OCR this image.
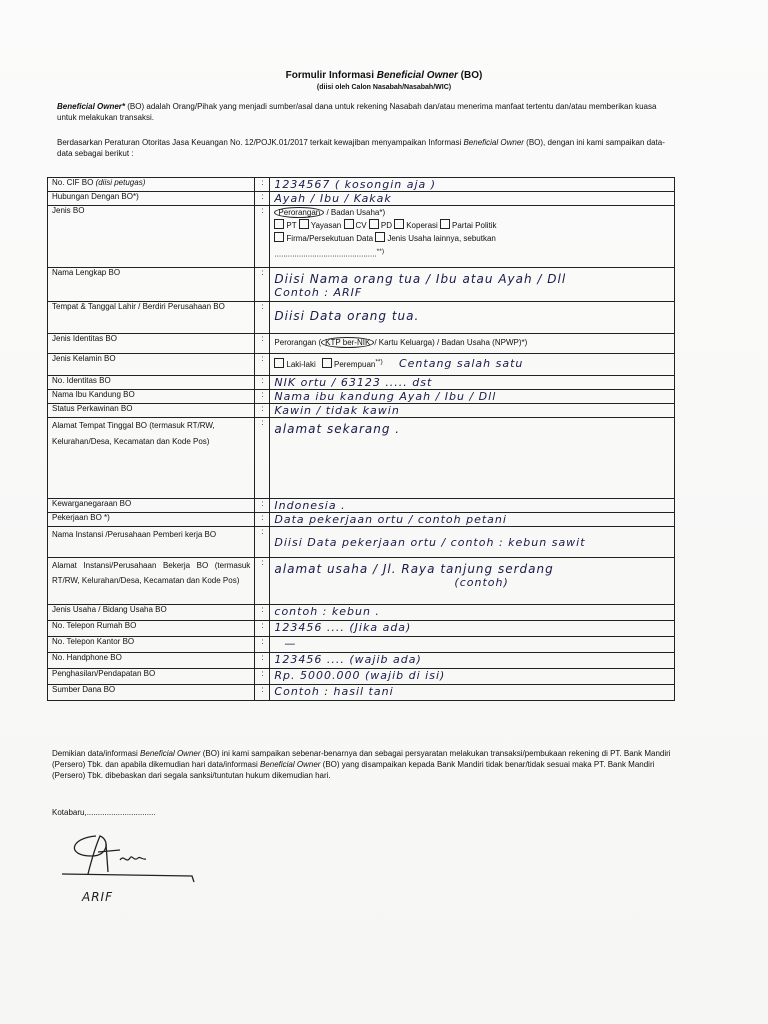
Formulir Informasi Beneficial Owner (BO)
(diisi oleh Calon Nasabah/Nasabah/WIC)
Beneficial Owner* (BO) adalah Orang/Pihak yang menjadi sumber/asal dana untuk rekening Nasabah dan/atau menerima manfaat tertentu dan/atau memberikan kuasa untuk melakukan transaksi.
Berdasarkan Peraturan Otoritas Jasa Keuangan No. 12/POJK.01/2017 terkait kewajiban menyampaikan Informasi Beneficial Owner (BO), dengan ini kami sampaikan data-data sebagai berikut :
No. CIF BO (diisi petugas)	:	1234567 ( kosongin aja )

Hubungan Dengan BO*)	:	Ayah / Ibu / Kakak

Jenis BO	:	Perorangan / Badan Usaha*)
PT Yayasan CV PD Koperasi Partai Politik
Firma/Persekutuan Data Jenis Usaha lainnya, sebutkan
..............................................**)

Nama Lengkap BO	:	Diisi Nama orang tua / Ibu atau Ayah / Dll
Contoh : ARIF

Tempat & Tanggal Lahir / Berdiri Perusahaan BO	:	Diisi Data orang tua.

Jenis Identitas BO	:	Perorangan ( KTP ber-NIK / Kartu Keluarga) / Badan Usaha (NPWP)*)
Jenis Kelamin BO	:	Laki-laki Perempuan**) Centang salah satu
No. Identitas BO	:	NIK ortu / 63123 ..... dst

Nama Ibu Kandung BO	:	Nama ibu kandung Ayah / Ibu / Dll

Status Perkawinan BO	:	Kawin / tidak kawin

Alamat Tempat Tinggal BO (termasuk RT/RW, Kelurahan/Desa, Kecamatan dan Kode Pos)	:	alamat sekarang .

Kewarganegaraan BO	:	Indonesia .

Pekerjaan BO *)	:	Data pekerjaan ortu / contoh petani

Nama Instansi /Perusahaan Pemberi kerja BO	:	Diisi Data pekerjaan ortu / contoh : kebun sawit

Alamat Instansi/Perusahaan Bekerja BO (termasuk RT/RW, Kelurahan/Desa, Kecamatan dan Kode Pos)	:	alamat usaha / Jl. Raya tanjung serdang
(contoh)

Jenis Usaha / Bidang Usaha BO	:	contoh : kebun .

No. Telepon Rumah BO	:	123456 .... (Jika ada)

No. Telepon Kantor BO	:	—

No. Handphone BO	:	123456 .... (wajib ada)

Penghasilan/Pendapatan BO	:	Rp. 5000.000 (wajib di isi)

Sumber Dana BO	:	Contoh : hasil tani
Demikian data/informasi Beneficial Owner (BO) ini kami sampaikan sebenar-benarnya dan sebagai persyaratan melakukan transaksi/pembukaan rekening di PT. Bank Mandiri (Persero) Tbk. dan apabila dikemudian hari data/informasi Beneficial Owner (BO) yang disampaikan kepada Bank Mandiri tidak benar/tidak sesuai maka PT. Bank Mandiri (Persero) Tbk. dibebaskan dari segala sanksi/tuntutan hukum dikemudian hari.
Kotabaru,...............................
ARIF
